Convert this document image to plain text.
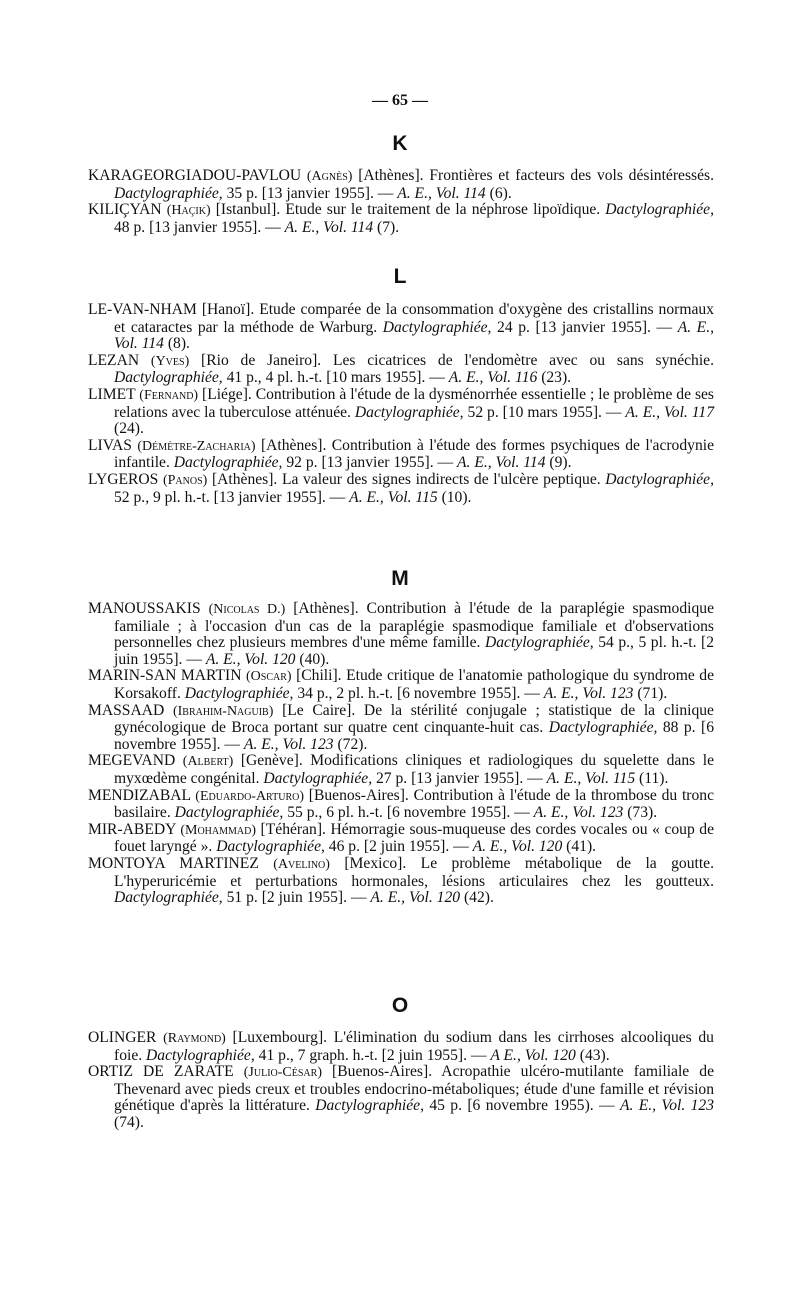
— 65 —
K

KARAGEORGIADOU-PAVLOU (Agnès) [Athènes]. Frontières et facteurs des vols désintéressés. Dactylographiée, 35 p. [13 janvier 1955]. — A. E., Vol. 114 (6).

KILIÇYAN (Haçik) [Istanbul]. Etude sur le traitement de la néphrose lipoïdique. Dactylographiée, 48 p. [13 janvier 1955]. — A. E., Vol. 114 (7).

L

LE-VAN-NHAM [Hanoï]. Etude comparée de la consommation d'oxygène des cristallins normaux et cataractes par la méthode de Warburg. Dactylographiée, 24 p. [13 janvier 1955]. — A. E., Vol. 114 (8).

LEZAN (Yves) [Rio de Janeiro]. Les cicatrices de l'endomètre avec ou sans synéchie. Dactylographiée, 41 p., 4 pl. h.-t. [10 mars 1955]. — A. E., Vol. 116 (23).

LIMET (Fernand) [Liége]. Contribution à l'étude de la dysménorrhée essentielle ; le problème de ses relations avec la tuberculose atténuée. Dactylographiée, 52 p. [10 mars 1955]. — A. E., Vol. 117 (24).

LIVAS (Démètre-Zacharia) [Athènes]. Contribution à l'étude des formes psychiques de l'acrodynie infantile. Dactylographiée, 92 p. [13 janvier 1955]. — A. E., Vol. 114 (9).

LYGEROS (Panos) [Athènes]. La valeur des signes indirects de l'ulcère peptique. Dactylographiée, 52 p., 9 pl. h.-t. [13 janvier 1955]. — A. E., Vol. 115 (10).

M

MANOUSSAKIS (Nicolas D.) [Athènes]. Contribution à l'étude de la paraplégie spasmodique familiale ; à l'occasion d'un cas de la paraplégie spasmodique familiale et d'observations personnelles chez plusieurs membres d'une même famille. Dactylographiée, 54 p., 5 pl. h.-t. [2 juin 1955]. — A. E., Vol. 120 (40).

MARIN-SAN MARTIN (Oscar) [Chili]. Etude critique de l'anatomie pathologique du syndrome de Korsakoff. Dactylographiée, 34 p., 2 pl. h.-t. [6 novembre 1955]. — A. E., Vol. 123 (71).

MASSAAD (Ibrahim-Naguib) [Le Caire]. De la stérilité conjugale ; statistique de la clinique gynécologique de Broca portant sur quatre cent cinquante-huit cas. Dactylographiée, 88 p. [6 novembre 1955]. — A. E., Vol. 123 (72).

MEGEVAND (Albert) [Genève]. Modifications cliniques et radiologiques du squelette dans le myxœdème congénital. Dactylographiée, 27 p. [13 janvier 1955]. — A. E., Vol. 115 (11).

MENDIZABAL (Eduardo-Arturo) [Buenos-Aires]. Contribution à l'étude de la thrombose du tronc basilaire. Dactylographiée, 55 p., 6 pl. h.-t. [6 novembre 1955]. — A. E., Vol. 123 (73).

MIR-ABEDY (Mohammad) [Téhéran]. Hémorragie sous-muqueuse des cordes vocales ou « coup de fouet laryngé ». Dactylographiée, 46 p. [2 juin 1955]. — A. E., Vol. 120 (41).

MONTOYA MARTINEZ (Avelino) [Mexico]. Le problème métabolique de la goutte. L'hyperuricémie et perturbations hormonales, lésions articulaires chez les goutteux. Dactylographiée, 51 p. [2 juin 1955]. — A. E., Vol. 120 (42).

O

OLINGER (Raymond) [Luxembourg]. L'élimination du sodium dans les cirrhoses alcooliques du foie. Dactylographiée, 41 p., 7 graph. h.-t. [2 juin 1955]. — A E., Vol. 120 (43).

ORTIZ DE ZARATE (Julio-César) [Buenos-Aires]. Acropathie ulcéro-mutilante familiale de Thevenard avec pieds creux et troubles endocrino-métaboliques; étude d'une famille et révision génétique d'après la littérature. Dactylographiée, 45 p. [6 novembre 1955). — A. E., Vol. 123 (74).
